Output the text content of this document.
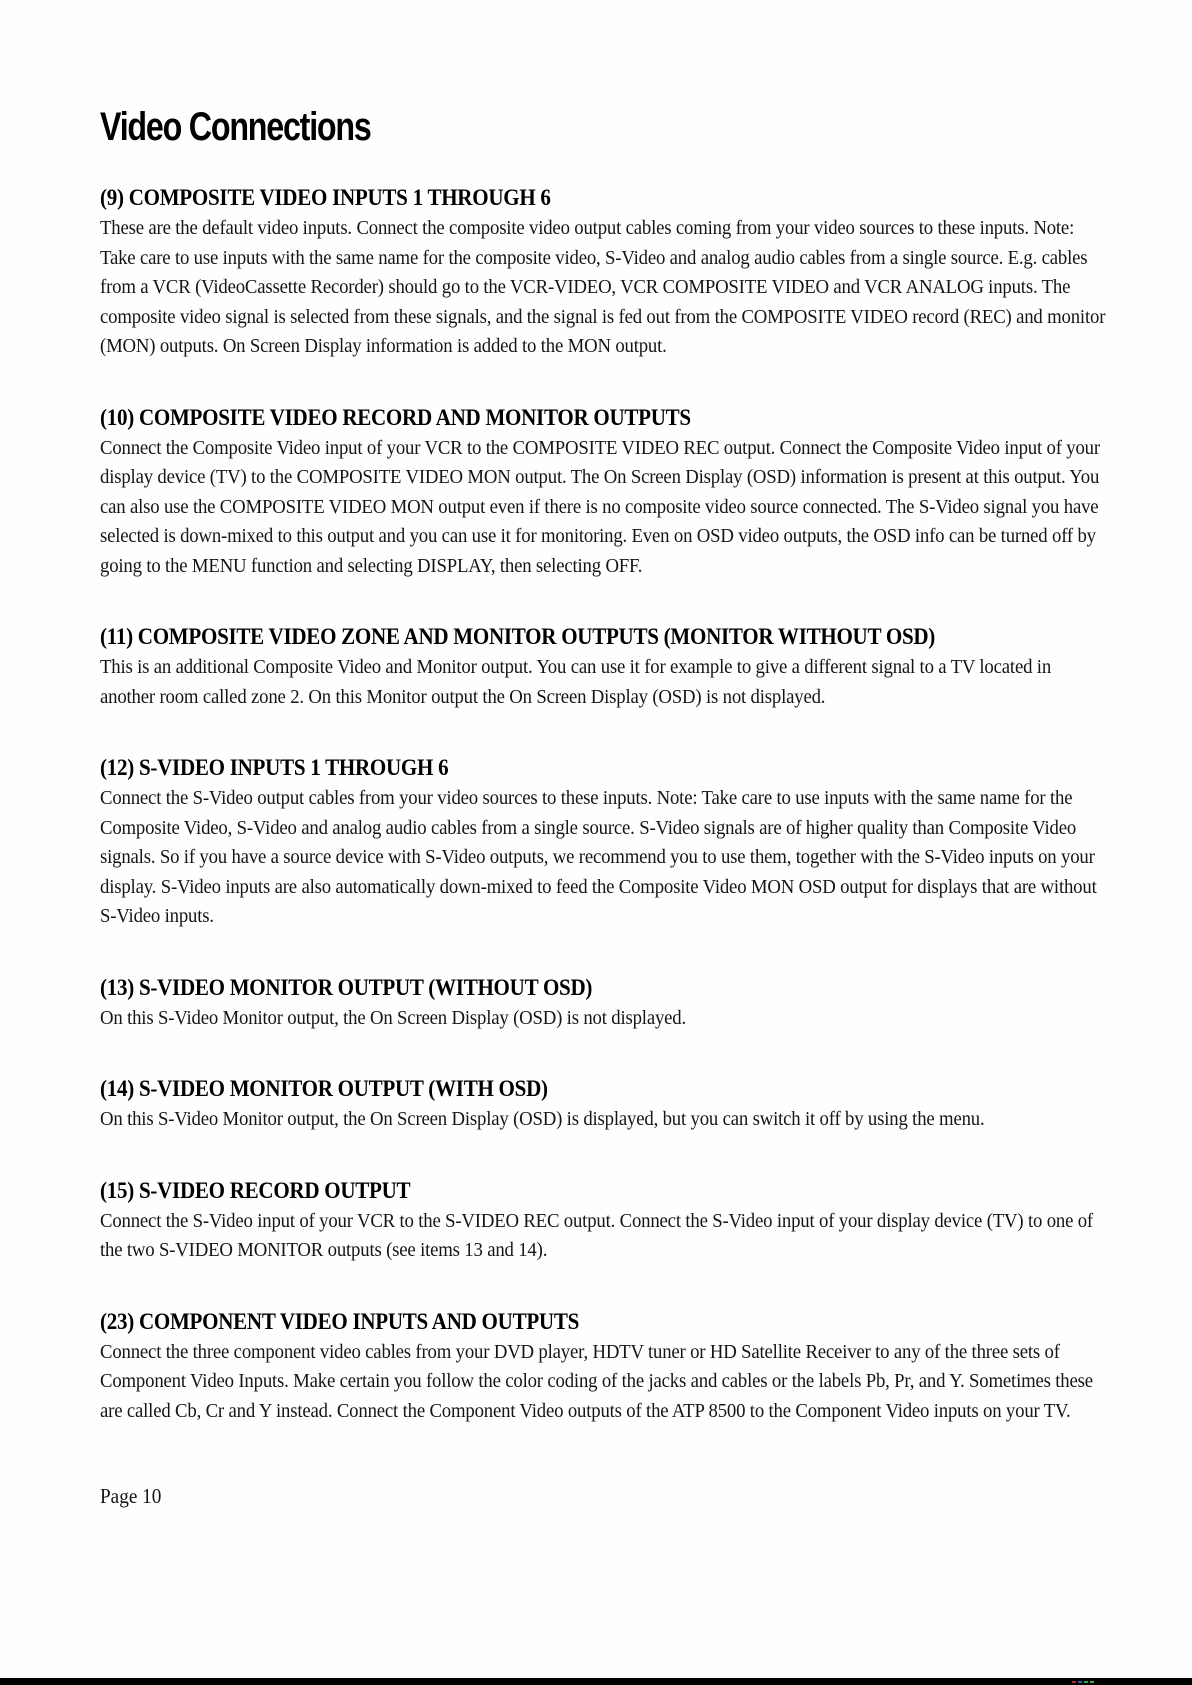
Video Connections
(9) COMPOSITE VIDEO INPUTS 1 THROUGH 6

These are the default video inputs. Connect the composite video output cables coming from your video sources to these inputs. Note: Take care to use inputs with the same name for the composite video, S-Video and analog audio cables from a single source. E.g. cables from a VCR (VideoCassette Recorder) should go to the VCR-VIDEO, VCR COMPOSITE VIDEO and VCR ANALOG inputs. The composite video signal is selected from these signals, and the signal is fed out from the COMPOSITE VIDEO record (REC) and monitor (MON) outputs. On Screen Display information is added to the MON output.

(10) COMPOSITE VIDEO RECORD AND MONITOR OUTPUTS

Connect the Composite Video input of your VCR to the COMPOSITE VIDEO REC output. Connect the Composite Video input of your display device (TV) to the COMPOSITE VIDEO MON output. The On Screen Display (OSD) information is present at this output. You can also use the COMPOSITE VIDEO MON output even if there is no composite video source connected. The S-Video signal you have selected is down-mixed to this output and you can use it for monitoring. Even on OSD video outputs, the OSD info can be turned off by going to the MENU function and selecting DISPLAY, then selecting OFF.

(11) COMPOSITE VIDEO ZONE AND MONITOR OUTPUTS (MONITOR WITHOUT OSD)

This is an additional Composite Video and Monitor output. You can use it for example to give a different signal to a TV located in another room called zone 2. On this Monitor output the On Screen Display (OSD) is not displayed.

(12) S-VIDEO INPUTS 1 THROUGH 6

Connect the S-Video output cables from your video sources to these inputs. Note: Take care to use inputs with the same name for the Composite Video, S-Video and analog audio cables from a single source. S-Video signals are of higher quality than Composite Video signals. So if you have a source device with S-Video outputs, we recommend you to use them, together with the S-Video inputs on your display. S-Video inputs are also automatically down-mixed to feed the Composite Video MON OSD output for displays that are without S-Video inputs.

(13) S-VIDEO MONITOR OUTPUT (WITHOUT OSD)

On this S-Video Monitor output, the On Screen Display (OSD) is not displayed.

(14) S-VIDEO MONITOR OUTPUT (WITH OSD)

On this S-Video Monitor output, the On Screen Display (OSD) is displayed, but you can switch it off by using the menu.

(15) S-VIDEO RECORD OUTPUT

Connect the S-Video input of your VCR to the S-VIDEO REC output. Connect the S-Video input of your display device (TV) to one of the two S-VIDEO MONITOR outputs (see items 13 and 14).

(23) COMPONENT VIDEO INPUTS AND OUTPUTS

Connect the three component video cables from your DVD player, HDTV tuner or HD Satellite Receiver to any of the three sets of Component Video Inputs. Make certain you follow the color coding of the jacks and cables or the labels Pb, Pr, and Y. Sometimes these are called Cb, Cr and Y instead. Connect the Component Video outputs of the ATP 8500 to the Component Video inputs on your TV.

Page 10
